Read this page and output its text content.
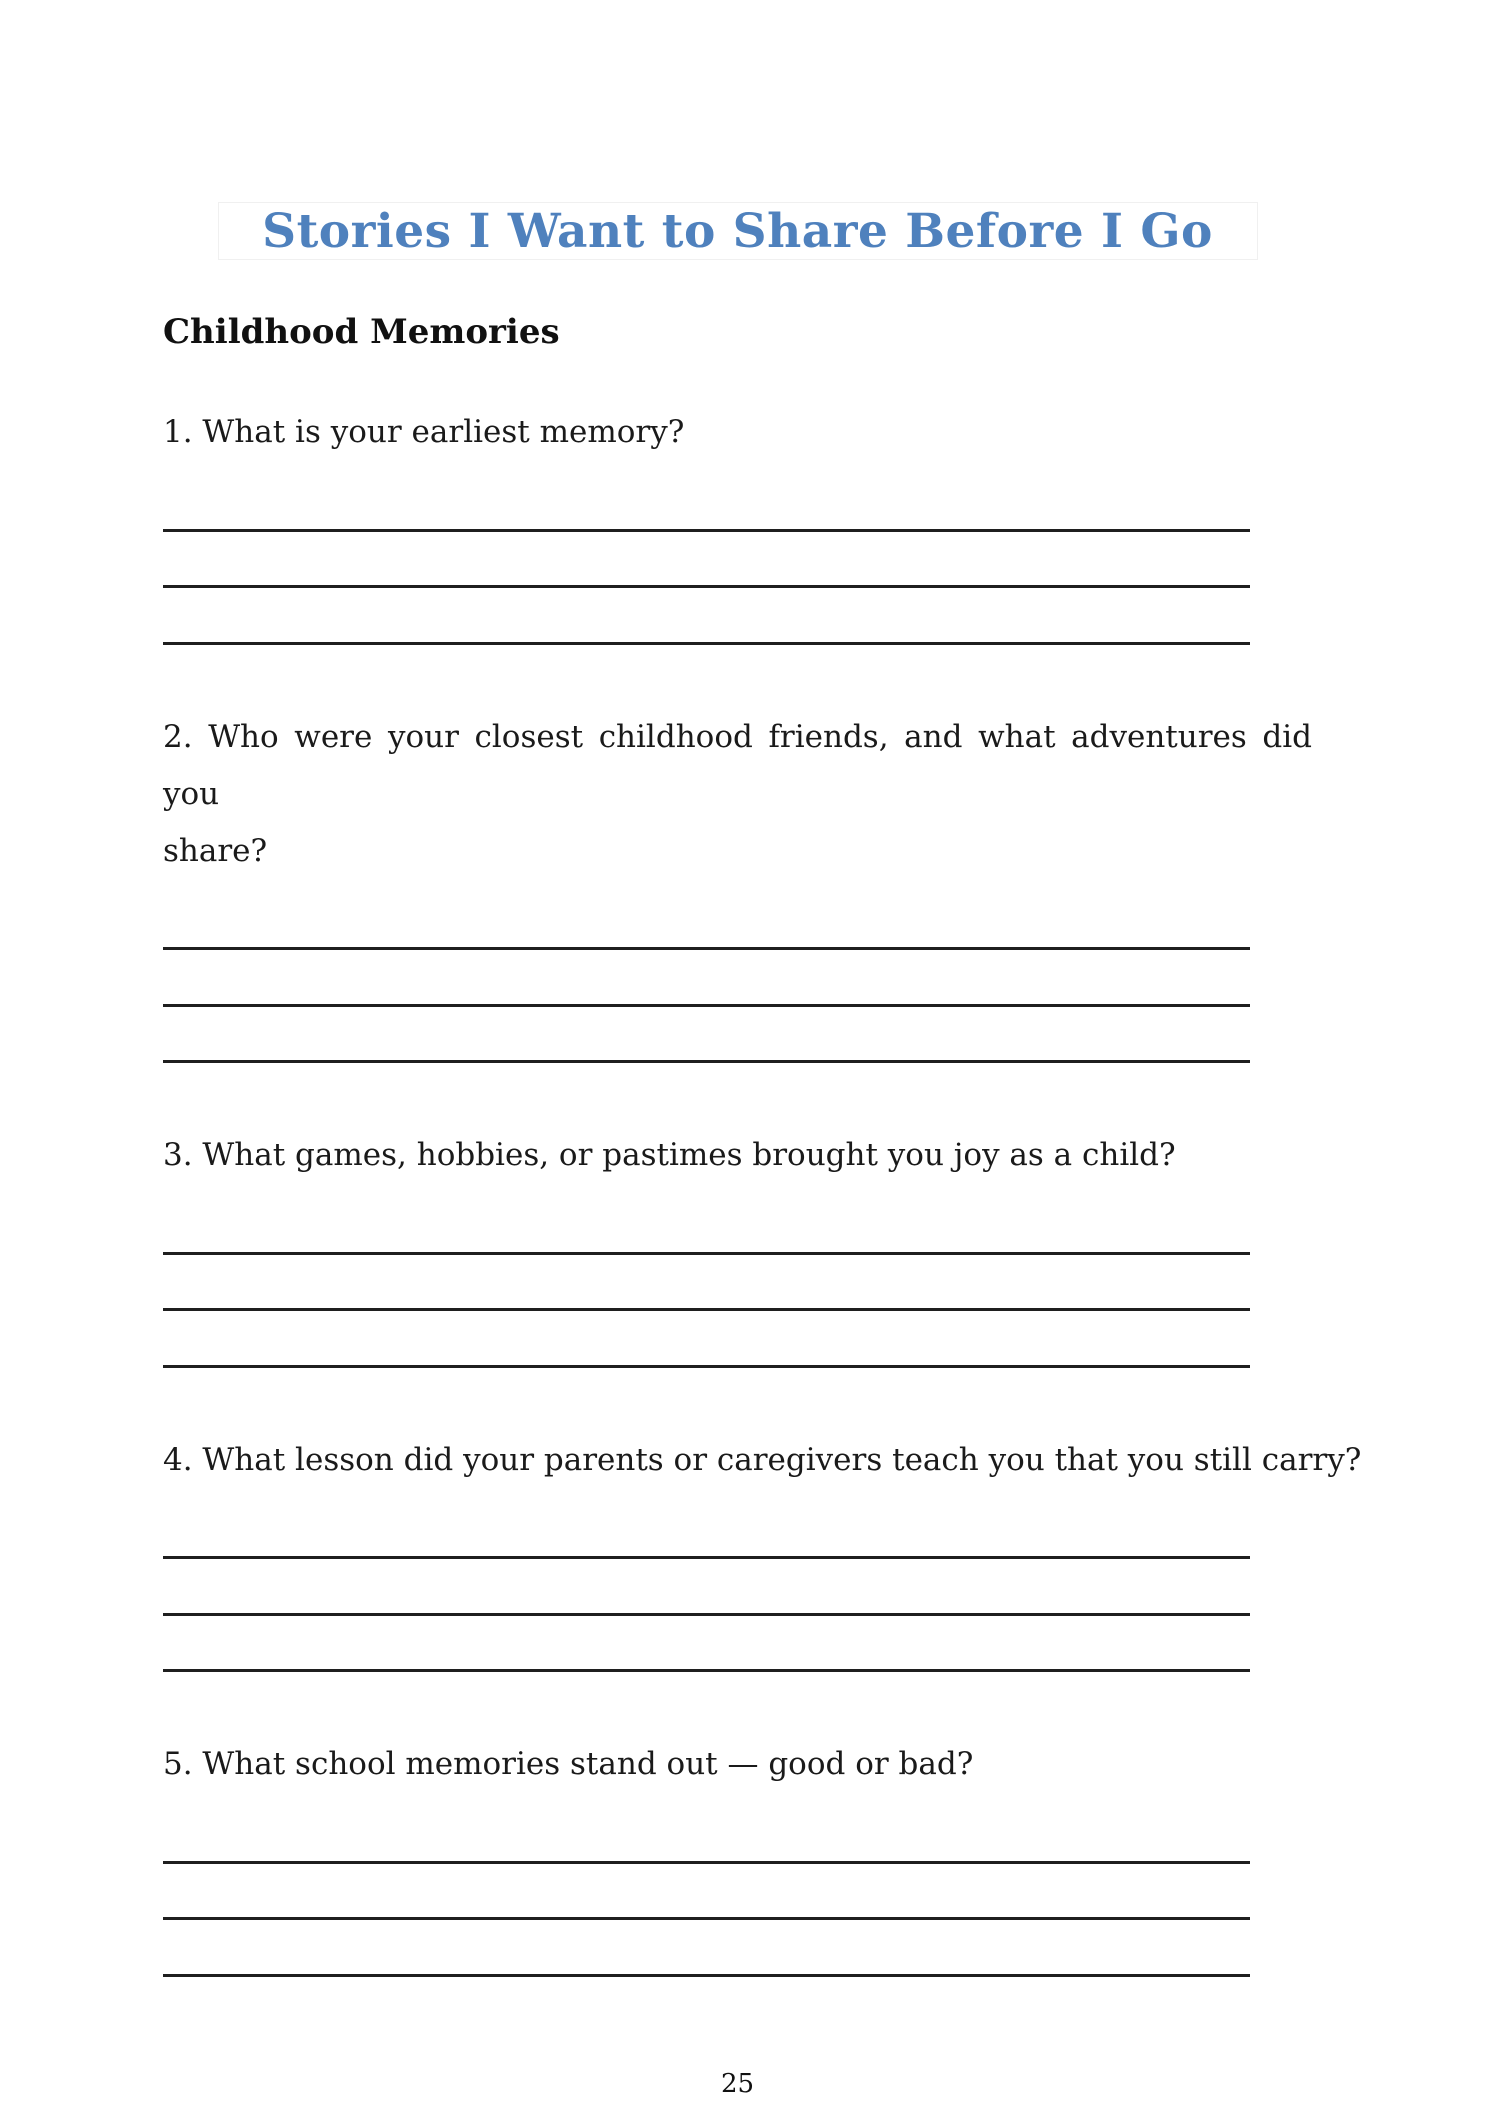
Stories I Want to Share Before I Go
Childhood Memories

1. What is your earliest memory?

2. Who were your closest childhood friends, and what adventures did you
share?

3. What games, hobbies, or pastimes brought you joy as a child?

4. What lesson did your parents or caregivers teach you that you still carry?

5. What school memories stand out — good or bad?

25
